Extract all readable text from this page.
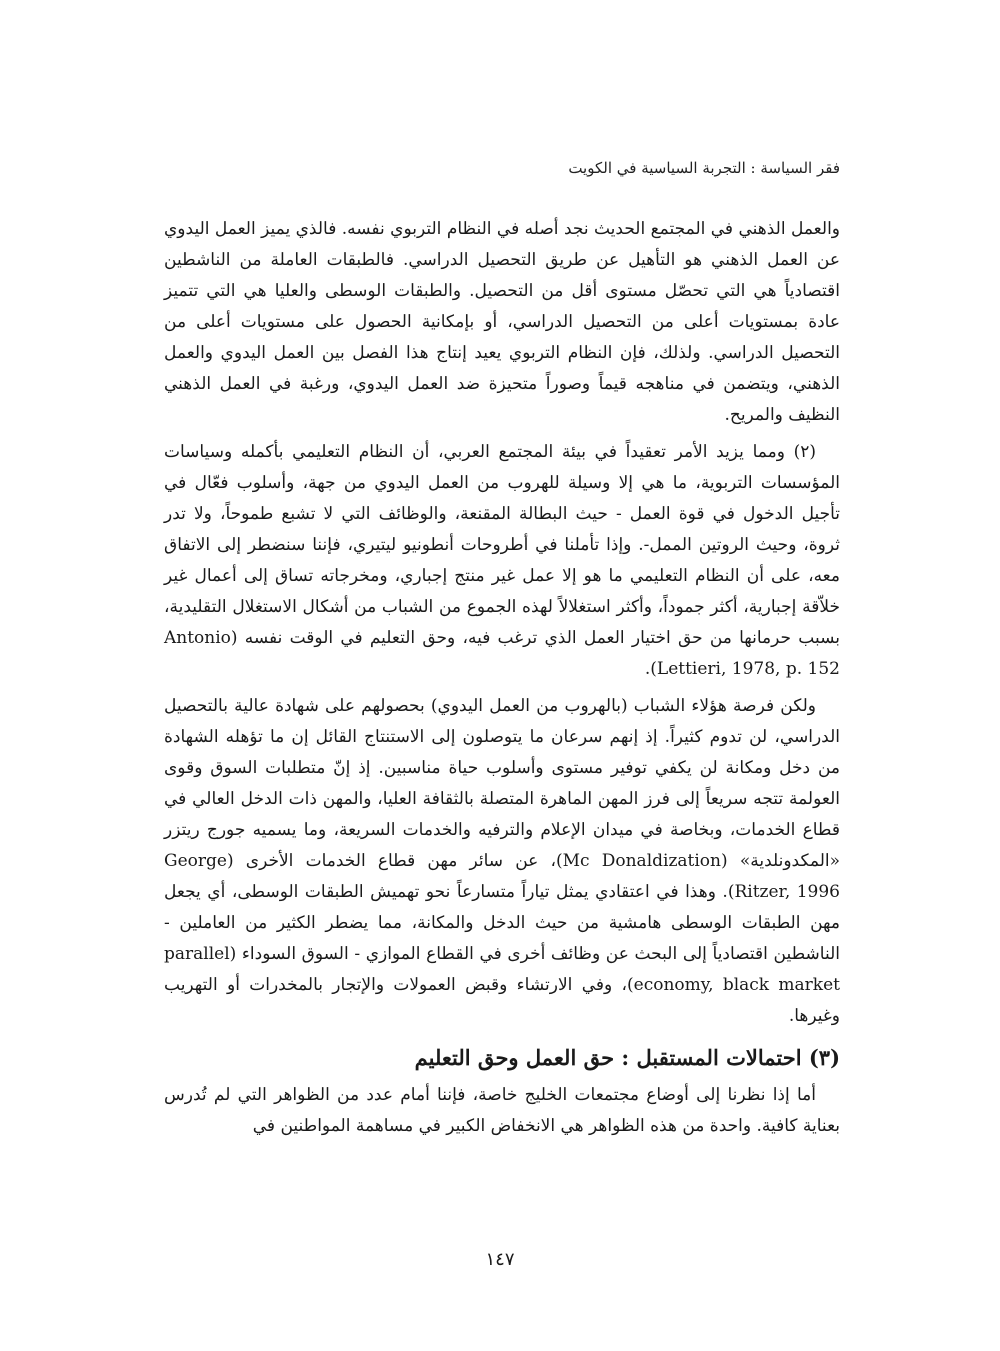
فقر السياسة : التجربة السياسية في الكويت

والعمل الذهني في المجتمع الحديث نجد أصله في النظام التربوي نفسه. فالذي يميز العمل اليدوي عن العمل الذهني هو التأهيل عن طريق التحصيل الدراسي. فالطبقات العاملة من الناشطين اقتصادياً هي التي تحصّل مستوى أقل من التحصيل. والطبقات الوسطى والعليا هي التي تتميز عادة بمستويات أعلى من التحصيل الدراسي، أو بإمكانية الحصول على مستويات أعلى من التحصيل الدراسي. ولذلك، فإن النظام التربوي يعيد إنتاج هذا الفصل بين العمل اليدوي والعمل الذهني، ويتضمن في مناهجه قيماً وصوراً متحيزة ضد العمل اليدوي، ورغبة في العمل الذهني النظيف والمريح.

(٢) ومما يزيد الأمر تعقيداً في بيئة المجتمع العربي، أن النظام التعليمي بأكمله وسياسات المؤسسات التربوية، ما هي إلا وسيلة للهروب من العمل اليدوي من جهة، وأسلوب فعّال في تأجيل الدخول في قوة العمل - حيث البطالة المقنعة، والوظائف التي لا تشبع طموحاً، ولا تدر ثروة، وحيث الروتين الممل-. وإذا تأملنا في أطروحات أنطونيو ليتيري، فإننا سنضطر إلى الاتفاق معه، على أن النظام التعليمي ما هو إلا عمل غير منتج إجباري، ومخرجاته تساق إلى أعمال غير خلاّقة إجبارية، أكثر جموداً، وأكثر استغلالاً لهذه الجموع من الشباب من أشكال الاستغلال التقليدية، بسبب حرمانها من حق اختيار العمل الذي ترغب فيه، وحق التعليم في الوقت نفسه (Antonio Lettieri, 1978, p. 152).

ولكن فرصة هؤلاء الشباب (بالهروب من العمل اليدوي) بحصولهم على شهادة عالية بالتحصيل الدراسي، لن تدوم كثيراً. إذ إنهم سرعان ما يتوصلون إلى الاستنتاج القائل إن ما تؤهله الشهادة من دخل ومكانة لن يكفي توفير مستوى وأسلوب حياة مناسبين. إذ إنّ متطلبات السوق وقوى العولمة تتجه سريعاً إلى فرز المهن الماهرة المتصلة بالثقافة العليا، والمهن ذات الدخل العالي في قطاع الخدمات، وبخاصة في ميدان الإعلام والترفيه والخدمات السريعة، وما يسميه جورج ريتزر «المكدونلدية» (Mc Donaldization)، عن سائر مهن قطاع الخدمات الأخرى (George Ritzer, 1996). وهذا في اعتقادي يمثل تياراً متسارعاً نحو تهميش الطبقات الوسطى، أي يجعل مهن الطبقات الوسطى هامشية من حيث الدخل والمكانة، مما يضطر الكثير من العاملين - الناشطين اقتصادياً إلى البحث عن وظائف أخرى في القطاع الموازي - السوق السوداء (parallel economy, black market)، وفي الارتشاء وقبض العمولات والإتجار بالمخدرات أو التهريب وغيرها.

(٣) احتمالات المستقبل : حق العمل وحق التعليم

أما إذا نظرنا إلى أوضاع مجتمعات الخليج خاصة، فإننا أمام عدد من الظواهر التي لم تُدرس بعناية كافية. واحدة من هذه الظواهر هي الانخفاض الكبير في مساهمة المواطنين في

١٤٧
